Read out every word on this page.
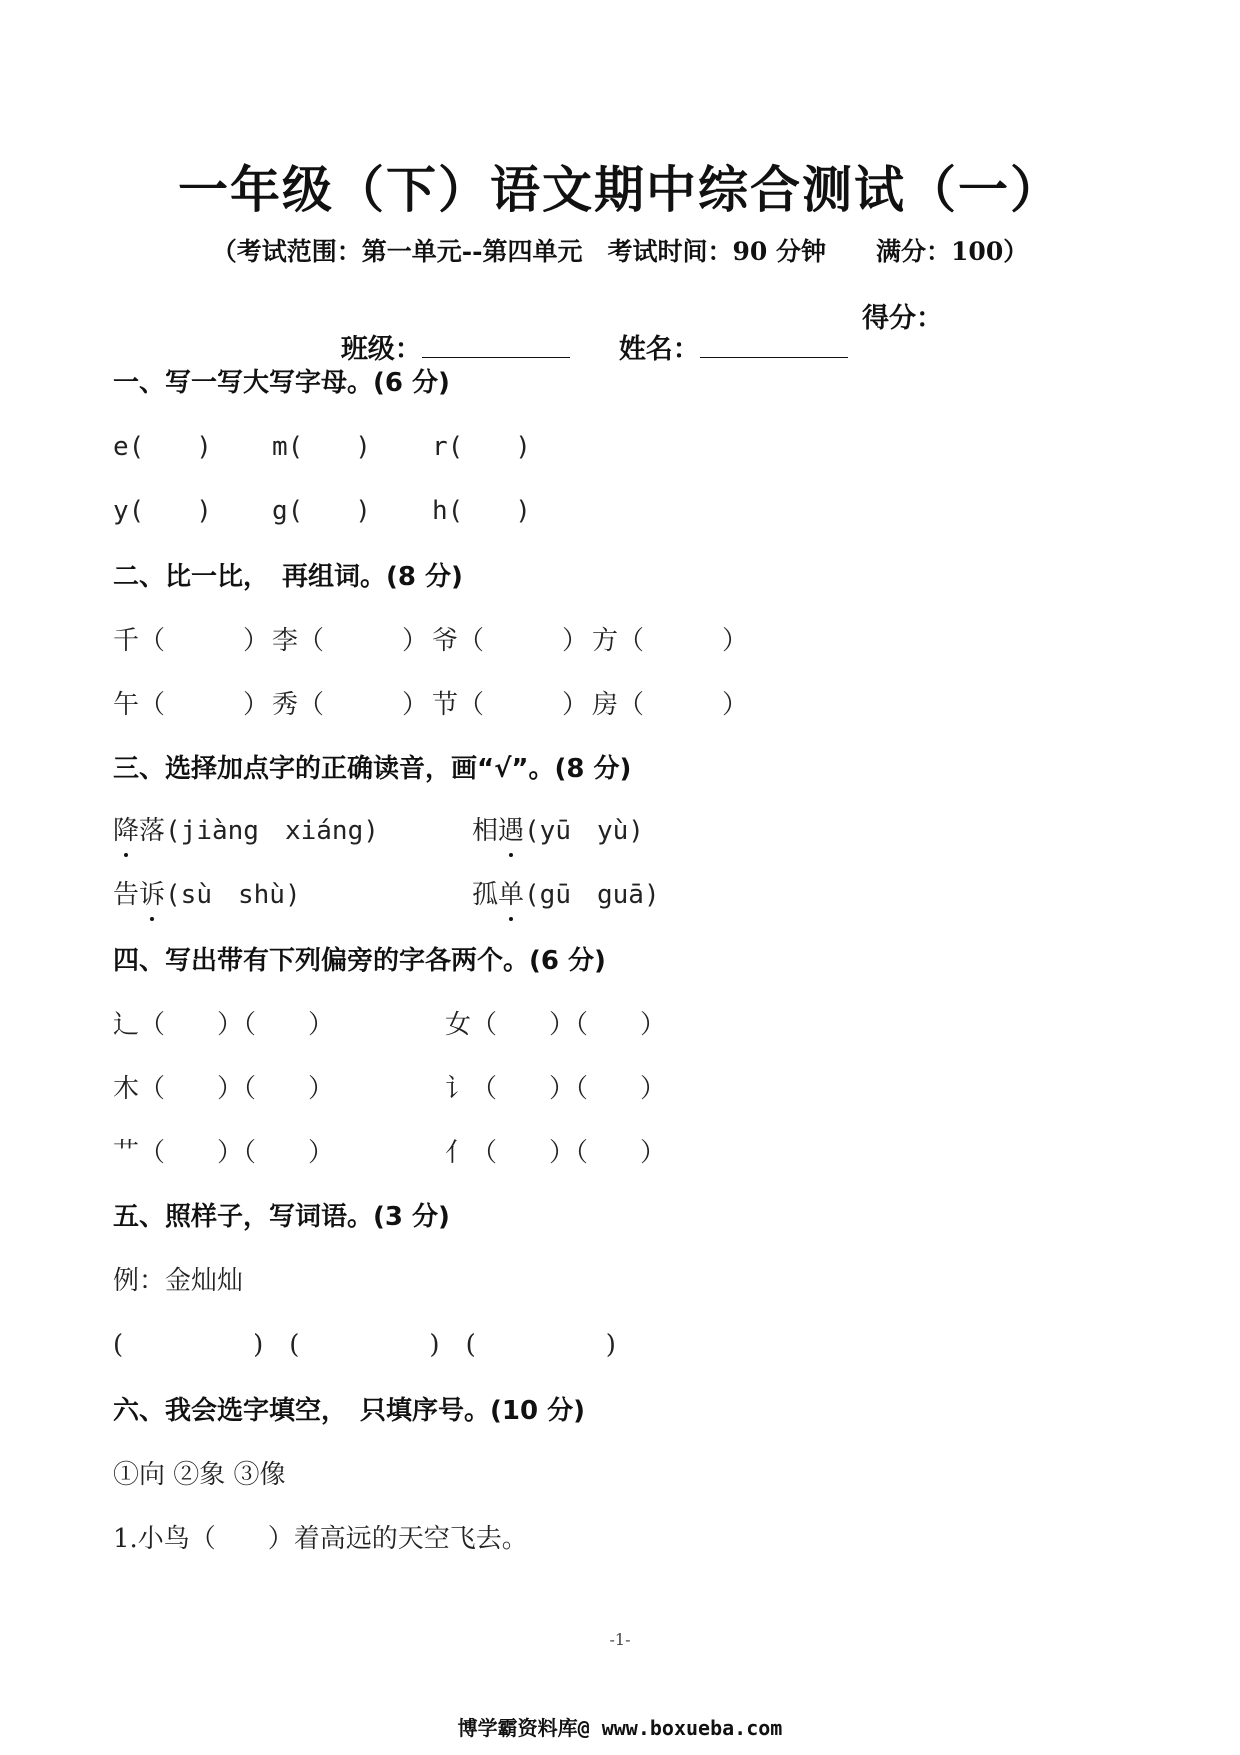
一年级（下）语文期中综合测试（一）
（考试范围：第一单元--第四单元　考试时间：90 分钟　　满分：100）

班级：	姓名：

得分：
一、写一写大写字母。(6 分)
e(　　) m(　　) r(　　)
y(　　) g(　　) h(　　)
二、比一比，　再组词。(8 分)
千（　　　） 李（　　　） 爷（　　　） 方（　　　）
午（　　　） 秀（　　　） 节（　　　） 房（　　　）
三、选择加点字的正确读音，画“√”。(8 分)
降落(jiàng　xiáng)	相遇(yū　yù)
告诉(sù　shù)	孤单(gū　guā)
四、写出带有下列偏旁的字各两个。(6 分)
辶（　　）（　　）	女（　　）（　　）
木（　　）（　　）	讠（　　）（　　）
艹（　　）（　　）	亻（　　）（　　）
五、照样子，写词语。(3 分)
例：金灿灿
(　　　　　)　(　　　　　)　(　　　　　)
六、我会选字填空，　只填序号。(10 分)
①向 ②象 ③像
1.小鸟（　　）着高远的天空飞去。
-1-
博学霸资料库@ www.boxueba.com
